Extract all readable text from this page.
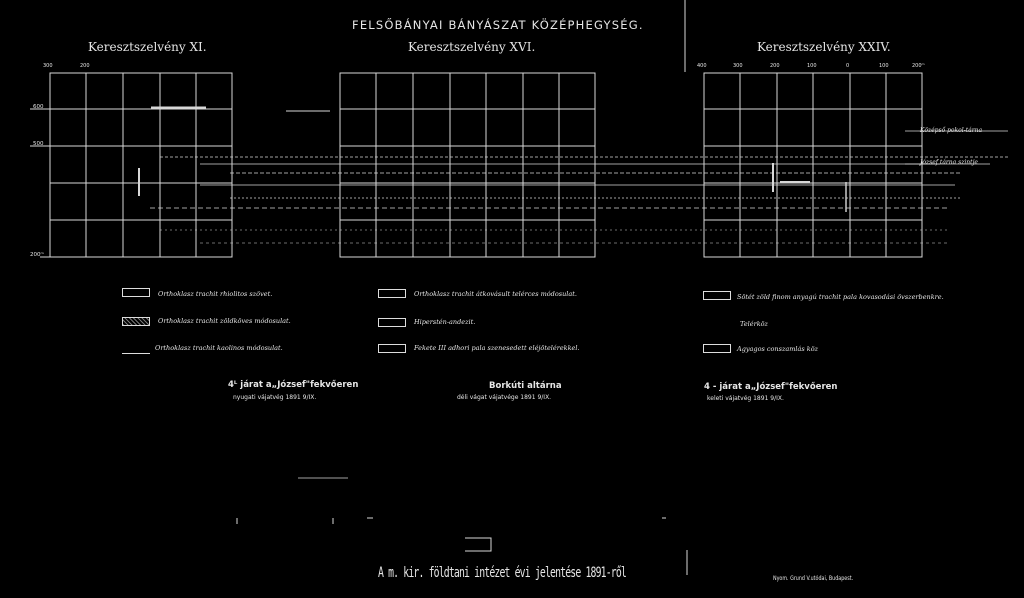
FELSŐBÁNYAI BÁNYÁSZAT KÖZÉPHEGYSÉG.
Keresztszelvény XI.	Keresztszelvény XVI.	Keresztszelvény XXIV.
300	200	400	300	200	100	0	100	200ᵐ
600
500
200ᵐ
Középső pokol-tárna
József tárna szintje
Orthoklasz trachit rhiolitos szövet.
Orthoklasz trachit zöldköves módosulat.
Orthoklasz trachit kaolinos módosulat.
Orthoklasz trachit átkovásult telérces módosulat.
Hiperstén-andezit.
Fekete III adhori pala szenesedett eléjötelérekkel.
Sötét zöld finom anyagú trachit pala kovasodási övszerbenkre.
Telérköz
Agyagos conszamlás köz
4ᴸ járat a„József"fekvőeren
nyugati vájatvég 1891 9/IX.
Borkúti altárna
déli vágat vájatvége 1891 9/IX.
4 - járat a„József"fekvőeren
keleti vájatvég 1891 9/IX.
A m. kir. földtani intézet évi jelentése 1891-ről	Nyom. Grund V.utódai, Budapest.
